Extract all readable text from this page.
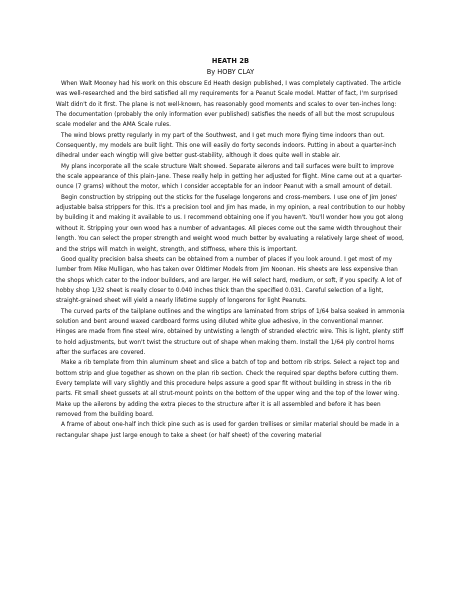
HEATH 2B
By HOBY CLAY

When Walt Mooney had his work on this obscure Ed Heath design published, I was completely captivated. The article was well-researched and the bird satisfied all my requirements for a Peanut Scale model. Matter of fact, I'm surprised Walt didn't do it first. The plane is not well-known, has reasonably good moments and scales to over ten-inches long: The documentation (probably the only information ever published) satisfies the needs of all but the most scrupulous scale modeler and the AMA Scale rules.

The wind blows pretty regularly in my part of the Southwest, and I get much more flying time indoors than out. Consequently, my models are built light. This one will easily do forty seconds indoors. Putting in about a quarter-inch dihedral under each wingtip will give better gust-stability, although it does quite well in stable air.

My plans incorporate all the scale structure Walt showed. Separate ailerons and tail surfaces were built to improve the scale appearance of this plain-Jane. These really help in getting her adjusted for flight. Mine came out at a quarter-ounce (7 grams) without the motor, which I consider acceptable for an indoor Peanut with a small amount of detail.

Begin construction by stripping out the sticks for the fuselage longerons and cross-members. I use one of Jim Jones' adjustable balsa strippers for this. It's a precision tool and Jim has made, in my opinion, a real contribution to our hobby by building it and making it available to us. I recommend obtaining one if you haven't. You'll wonder how you got along without it. Stripping your own wood has a number of advantages. All pieces come out the same width throughout their length. You can select the proper strength and weight wood much better by evaluating a relatively large sheet of wood, and the strips will match in weight, strength, and stiffness, where this is important.

Good quality precision balsa sheets can be obtained from a number of places if you look around. I get most of my lumber from Mike Mulligan, who has taken over Oldtimer Models from Jim Noonan. His sheets are less expensive than the shops which cater to the indoor builders, and are larger. He will select hard, medium, or soft, if you specify. A lot of hobby shop 1/32 sheet is really closer to 0.040 inches thick than the specified 0.031. Careful selection of a light, straight-grained sheet will yield a nearly lifetime supply of longerons for light Peanuts.

The curved parts of the tailplane outlines and the wingtips are laminated from strips of 1/64 balsa soaked in ammonia solution and bent around waxed cardboard forms using diluted white glue adhesive, in the conventional manner. Hinges are made from fine steel wire, obtained by untwisting a length of stranded electric wire. This is light, plenty stiff to hold adjustments, but won't twist the structure out of shape when making them. Install the 1/64 ply control horns after the surfaces are covered.

Make a rib template from thin aluminum sheet and slice a batch of top and bottom rib strips. Select a reject top and bottom strip and glue together as shown on the plan rib section. Check the required spar depths before cutting them. Every template will vary slightly and this procedure helps assure a good spar fit without building in stress in the rib parts. Fit small sheet gussets at all strut-mount points on the bottom of the upper wing and the top of the lower wing. Make up the ailerons by adding the extra pieces to the structure after it is all assembled and before it has been removed from the building board.

A frame of about one-half inch thick pine such as is used for garden trellises or similar material should be made in a rectangular shape just large enough to take a sheet (or half sheet) of the covering material
